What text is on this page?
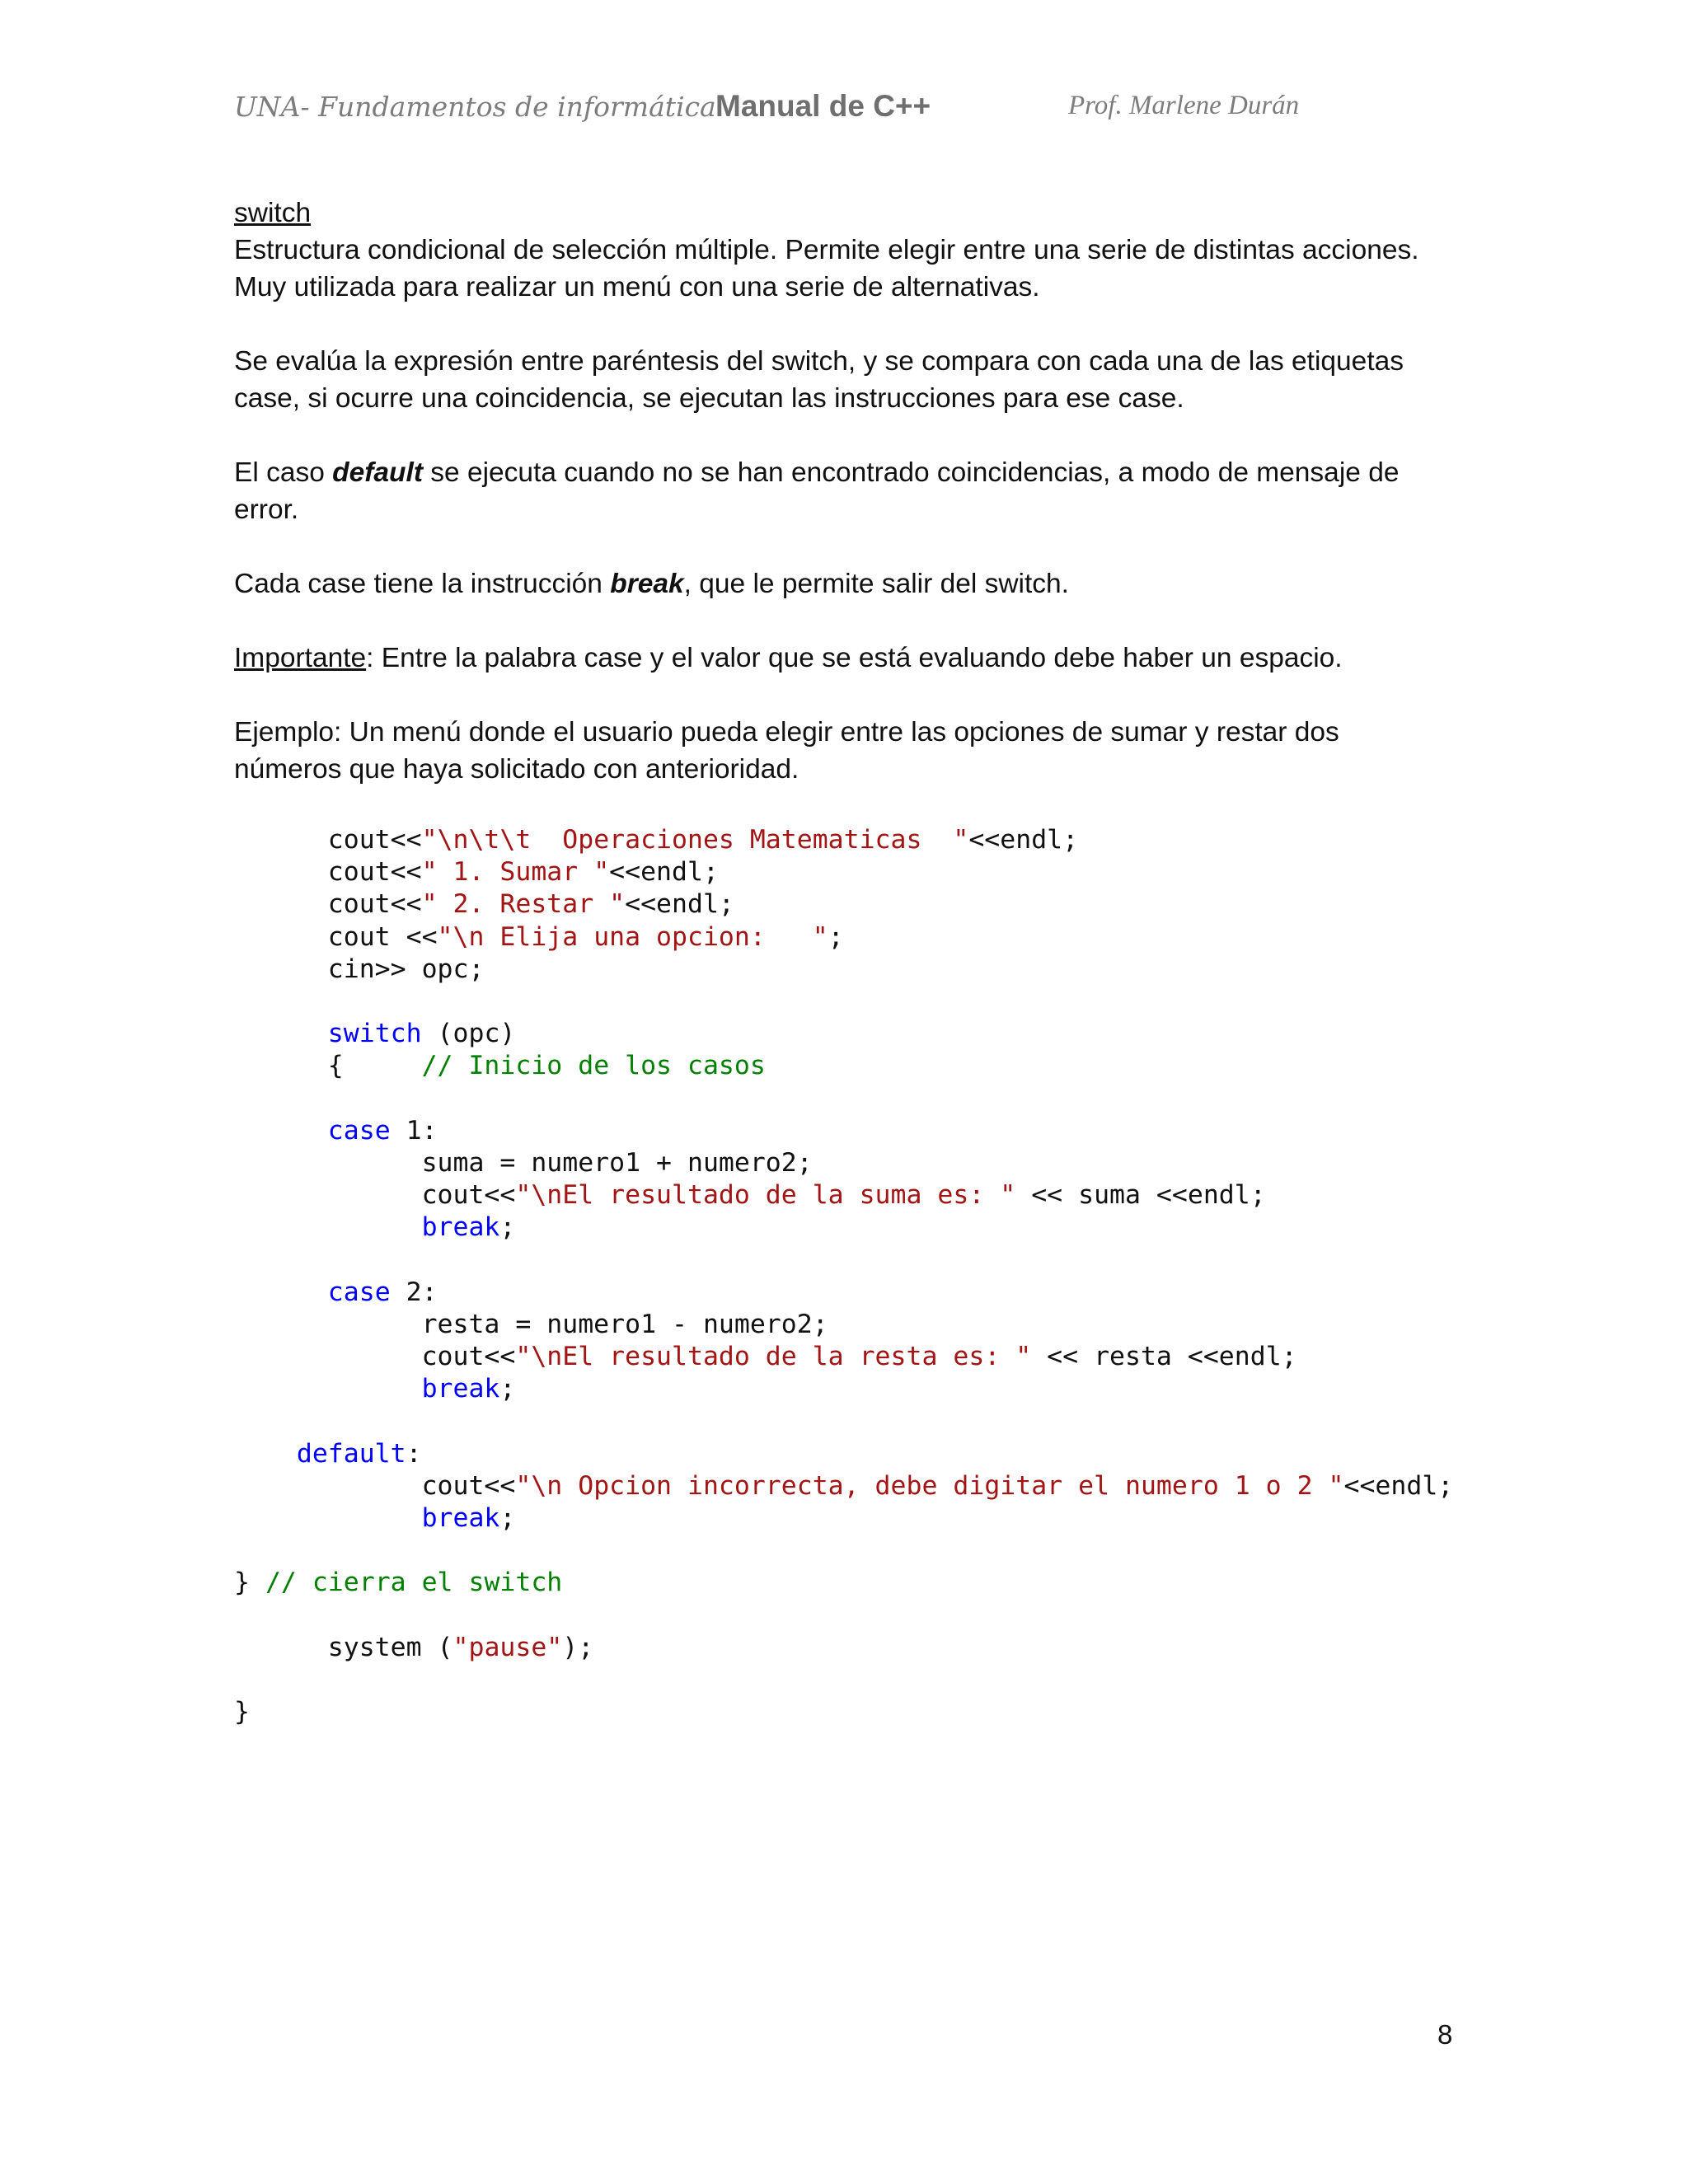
UNA- Fundamentos de informática Manual de C++	Prof. Marlene Durán

switch

Estructura condicional de selección múltiple. Permite elegir entre una serie de distintas acciones.

Muy utilizada para realizar un menú con una serie de alternativas.

Se evalúa la expresión entre paréntesis del switch, y se compara con cada una de las etiquetas

case, si ocurre una coincidencia, se ejecutan las instrucciones para ese case.

El caso default se ejecuta cuando no se han encontrado coincidencias, a modo de mensaje de

error.

Cada case tiene la instrucción break, que le permite salir del switch.

Importante: Entre la palabra case y el valor que se está evaluando debe haber un espacio.

Ejemplo: Un menú donde el usuario pueda elegir entre las opciones de sumar y restar dos

números que haya solicitado con anterioridad.

cout<<"\n\t\t  Operaciones Matematicas  "<<endl;
cout<<" 1. Sumar "<<endl;
cout<<" 2. Restar "<<endl;
cout <<"\n Elija una opcion:   ";
cin>> opc;
switch (opc)
{     // Inicio de los casos
case 1:
suma = numero1 + numero2;
cout<<"\nEl resultado de la suma es: " << suma <<endl;
break;
case 2:
resta = numero1 - numero2;
cout<<"\nEl resultado de la resta es: " << resta <<endl;
break;
default:
cout<<"\n Opcion incorrecta, debe digitar el numero 1 o 2 "<<endl;
break;
} // cierra el switch
system ("pause");
}
8
